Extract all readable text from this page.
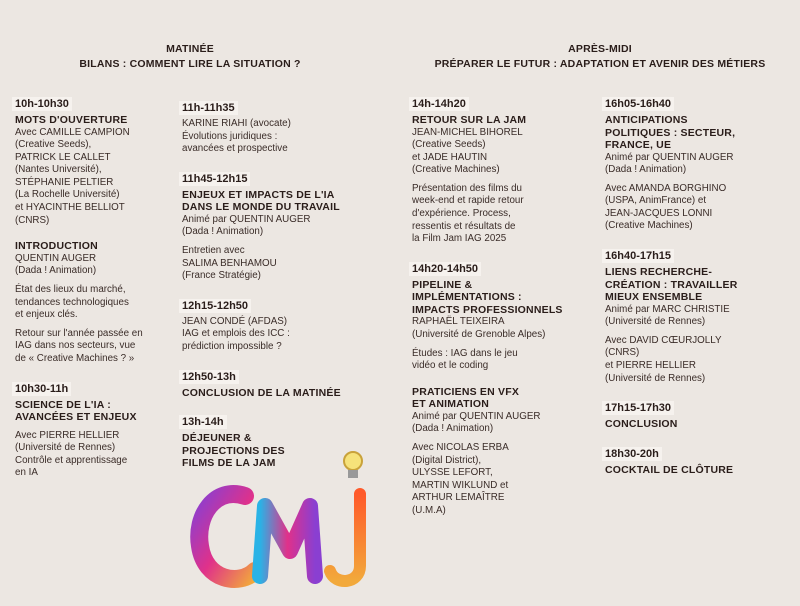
MATINÉE
BILANS : COMMENT LIRE LA SITUATION ?
APRÈS-MIDI
PRÉPARER LE FUTUR : ADAPTATION ET AVENIR DES MÉTIERS
10h-10h30

MOTS D'OUVERTURE
Avec CAMILLE CAMPION
(Creative Seeds),
PATRICK LE CALLET
(Nantes Université),
STÉPHANIE PELTIER
(La Rochelle Université)
et HYACINTHE BELLIOT
(CNRS)
INTRODUCTION
QUENTIN AUGER
(Dada ! Animation)
État des lieux du marché,
tendances technologiques
et enjeux clés.
Retour sur l'année passée en
IAG dans nos secteurs, vue
de « Creative Machines ? »
10h30-11h

SCIENCE DE L'IA :
AVANCÉES ET ENJEUX
Avec PIERRE HELLIER
(Université de Rennes)
Contrôle et apprentissage
en IA
11h-11h35

KARINE RIAHI (avocate)
Évolutions juridiques :
avancées et prospective
11h45-12h15

ENJEUX ET IMPACTS DE L'IA
DANS LE MONDE DU TRAVAIL
Animé par QUENTIN AUGER
(Dada ! Animation)
Entretien avec
SALIMA BENHAMOU
(France Stratégie)
12h15-12h50

JEAN CONDÉ (AFDAS)
IAG et emplois des ICC :
prédiction impossible ?
12h50-13h

CONCLUSION DE LA MATINÉE
13h-14h

DÉJEUNER &
PROJECTIONS DES
FILMS DE LA JAM
14h-14h20

RETOUR SUR LA JAM
JEAN-MICHEL BIHOREL
(Creative Seeds)
et JADE HAUTIN
(Creative Machines)
Présentation des films du
week-end et rapide retour
d'expérience. Process,
ressentis et résultats de
la Film Jam IAG 2025
14h20-14h50

PIPELINE &
IMPLÉMENTATIONS :
IMPACTS PROFESSIONNELS
RAPHAËL TEIXEIRA
(Université de Grenoble Alpes)
Études : IAG dans le jeu
vidéo et le coding
PRATICIENS EN VFX
ET ANIMATION
Animé par QUENTIN AUGER
(Dada ! Animation)
Avec NICOLAS ERBA
(Digital District),
ULYSSE LEFORT,
MARTIN WIKLUND et
ARTHUR LEMAÎTRE
(U.M.A)
16h05-16h40

ANTICIPATIONS
POLITIQUES : SECTEUR,
FRANCE, UE
Animé par QUENTIN AUGER
(Dada ! Animation)
Avec AMANDA BORGHINO
(USPA, AnimFrance) et
JEAN-JACQUES LONNI
(Creative Machines)
16h40-17h15

LIENS RECHERCHE-
CRÉATION : TRAVAILLER
MIEUX ENSEMBLE
Animé par MARC CHRISTIE
(Université de Rennes)
Avec DAVID CŒURJOLLY
(CNRS)
et PIERRE HELLIER
(Université de Rennes)
17h15-17h30

CONCLUSION
18h30-20h

COCKTAIL DE CLÔTURE
